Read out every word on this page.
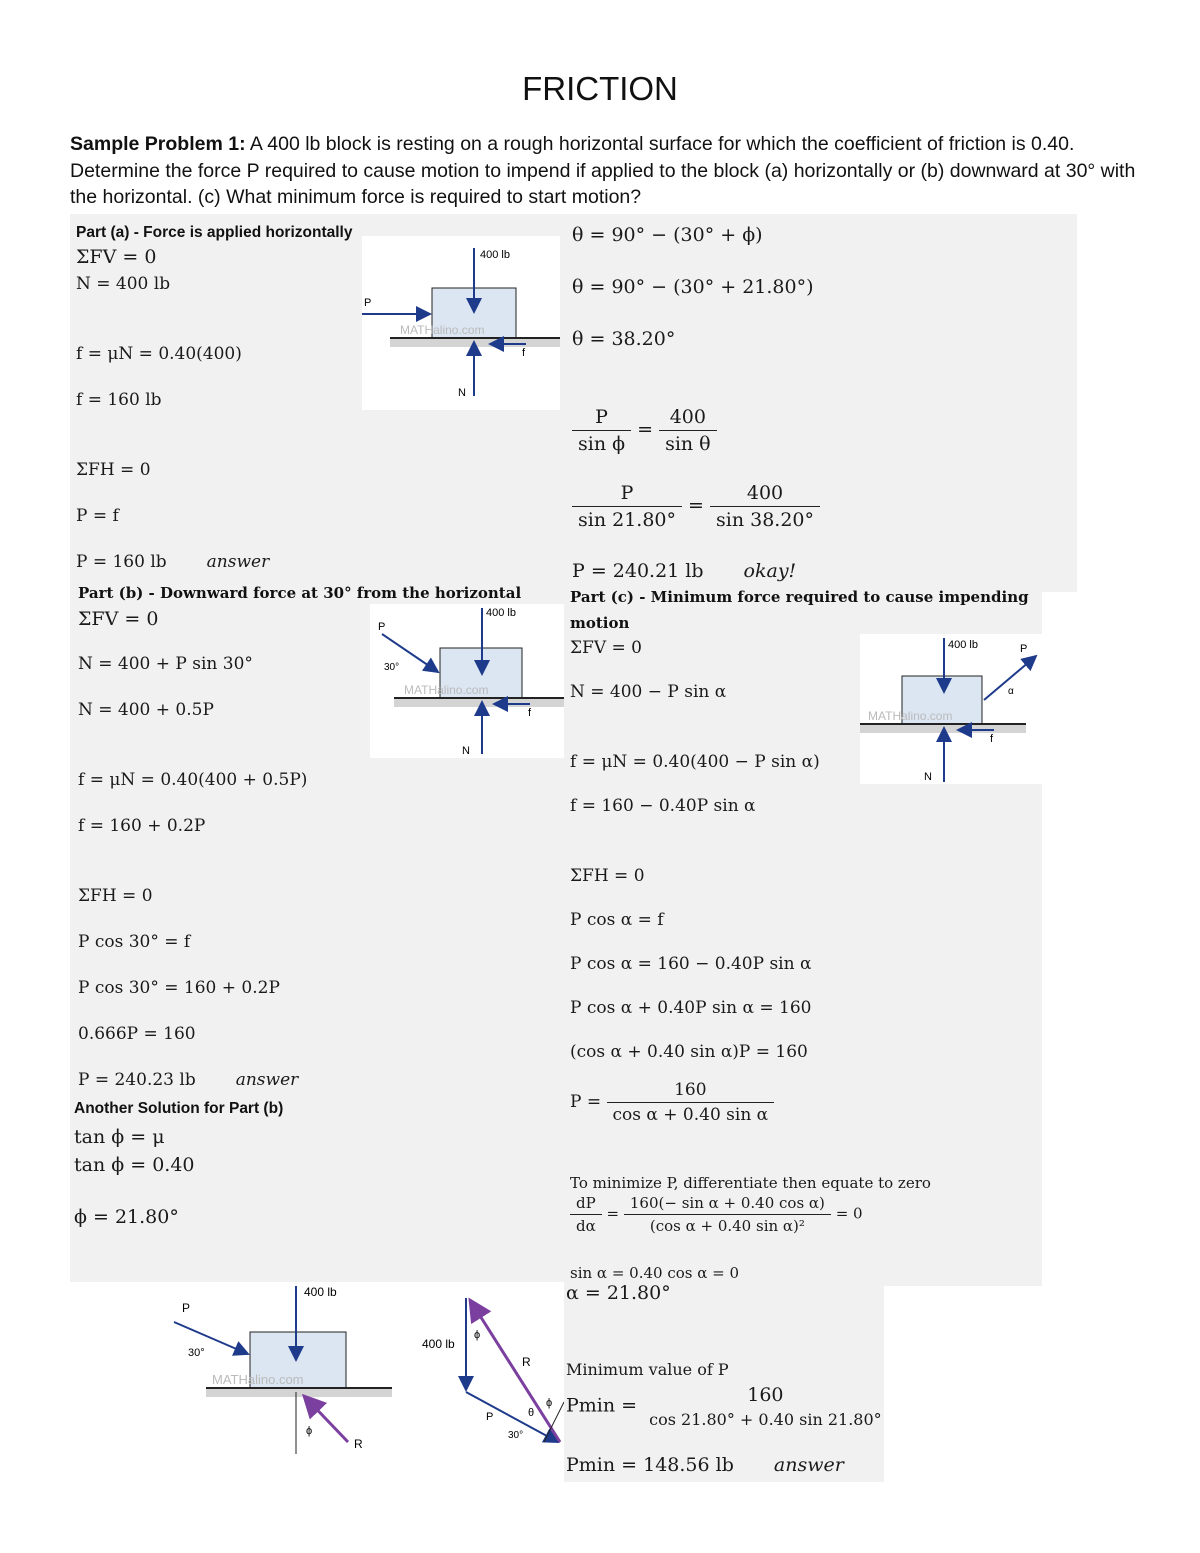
FRICTION
Sample Problem 1: A 400 lb block is resting on a rough horizontal surface for which the coefficient of friction is 0.40. Determine the force P required to cause motion to impend if applied to the block (a) horizontally or (b) downward at 30° with the horizontal. (c) What minimum force is required to start motion?
Part (a) - Force is applied horizontally
ΣFV = 0
N = 400 lb
f = μN = 0.40(400)
f = 160 lb
ΣFH = 0
P = f
P = 160 lb answer
400 lb
P
N
f
MATHalino.com
θ = 90° − (30° + ϕ)
θ = 90° − (30° + 21.80°)
θ = 38.20°
$\frac{P}{\text{sin ϕ}} = \frac{400}{\text{sin θ}}$
$\frac{P}{\sin 21.80^\circ} = \frac{400}{\sin 38.20^\circ}$
P = 240.21 lb okay!
Part (b) - Downward force at 30° from the horizontal
ΣFV = 0
N = 400 + P sin 30°
N = 400 + 0.5P
f = μN = 0.40(400 + 0.5P)
f = 160 + 0.2P
ΣFH = 0
P cos 30° = f
P cos 30° = 160 + 0.2P
0.666P = 160
P = 240.23 lb answer
400 lb
P
30°
N
f
MATHalino.com
Another Solution for Part (b)
tan ϕ = μ
tan ϕ = 0.40
ϕ = 21.80°
400 lb
P
30°
R
ϕ
MATHalino.com
400 lb
R
P
30°
ϕ
ϕ
θ
Part (c) - Minimum force required to cause impending
motion
ΣFV = 0
N = 400 − P sin α
f = μN = 0.40(400 − P sin α)
f = 160 − 0.40P sin α
ΣFH = 0
P cos α = f
P cos α = 160 − 0.40P sin α
P cos α + 0.40P sin α = 160
(cos α + 0.40 sin α)P = 160
$P = \frac{160}{\text{cos α + 0.40 sin α}}$
To minimize P, differentiate then equate to zero
$\frac{dP}{d\alpha} = \frac{\text{160(− sin α + 0.40 cos α)}}{\text{(cos α + 0.40 sin α)²}} = 0$
sin α = 0.40 cos α = 0
400 lb	P
α
N
f
MATHalino.com
α = 21.80°
Minimum value of P
Pmin =	160
cos 21.80° + 0.40 sin 21.80°
Pmin = 148.56 lb answer
